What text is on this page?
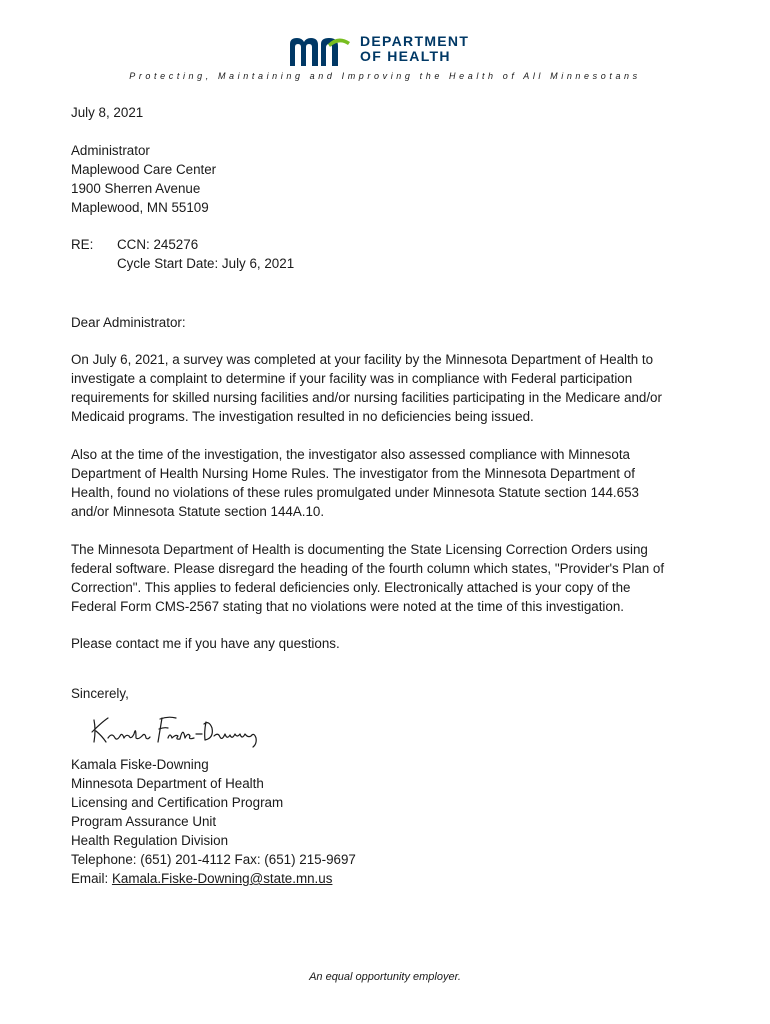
DEPARTMENT
OF HEALTH
Protecting, Maintaining and Improving the Health of All Minnesotans
July 8, 2021
Administrator
Maplewood Care Center
1900 Sherren Avenue
Maplewood, MN 55109
RE: CCN: 245276
Cycle Start Date: July 6, 2021
Dear Administrator:
On July 6, 2021, a survey was completed at your facility by the Minnesota Department of Health to
investigate a complaint to determine if your facility was in compliance with Federal participation
requirements for skilled nursing facilities and/or nursing facilities participating in the Medicare and/or
Medicaid programs. The investigation resulted in no deficiencies being issued.
Also at the time of the investigation, the investigator also assessed compliance with Minnesota
Department of Health Nursing Home Rules. The investigator from the Minnesota Department of
Health, found no violations of these rules promulgated under Minnesota Statute section 144.653
and/or Minnesota Statute section 144A.10.
The Minnesota Department of Health is documenting the State Licensing Correction Orders using
federal software. Please disregard the heading of the fourth column which states, "Provider's Plan of
Correction". This applies to federal deficiencies only. Electronically attached is your copy of the
Federal Form CMS-2567 stating that no violations were noted at the time of this investigation.
Please contact me if you have any questions.
Sincerely,
Kamala Fiske-Downing
Minnesota Department of Health
Licensing and Certification Program
Program Assurance Unit
Health Regulation Division
Telephone: (651) 201-4112 Fax: (651) 215-9697
Email: Kamala.Fiske-Downing@state.mn.us
An equal opportunity employer.
